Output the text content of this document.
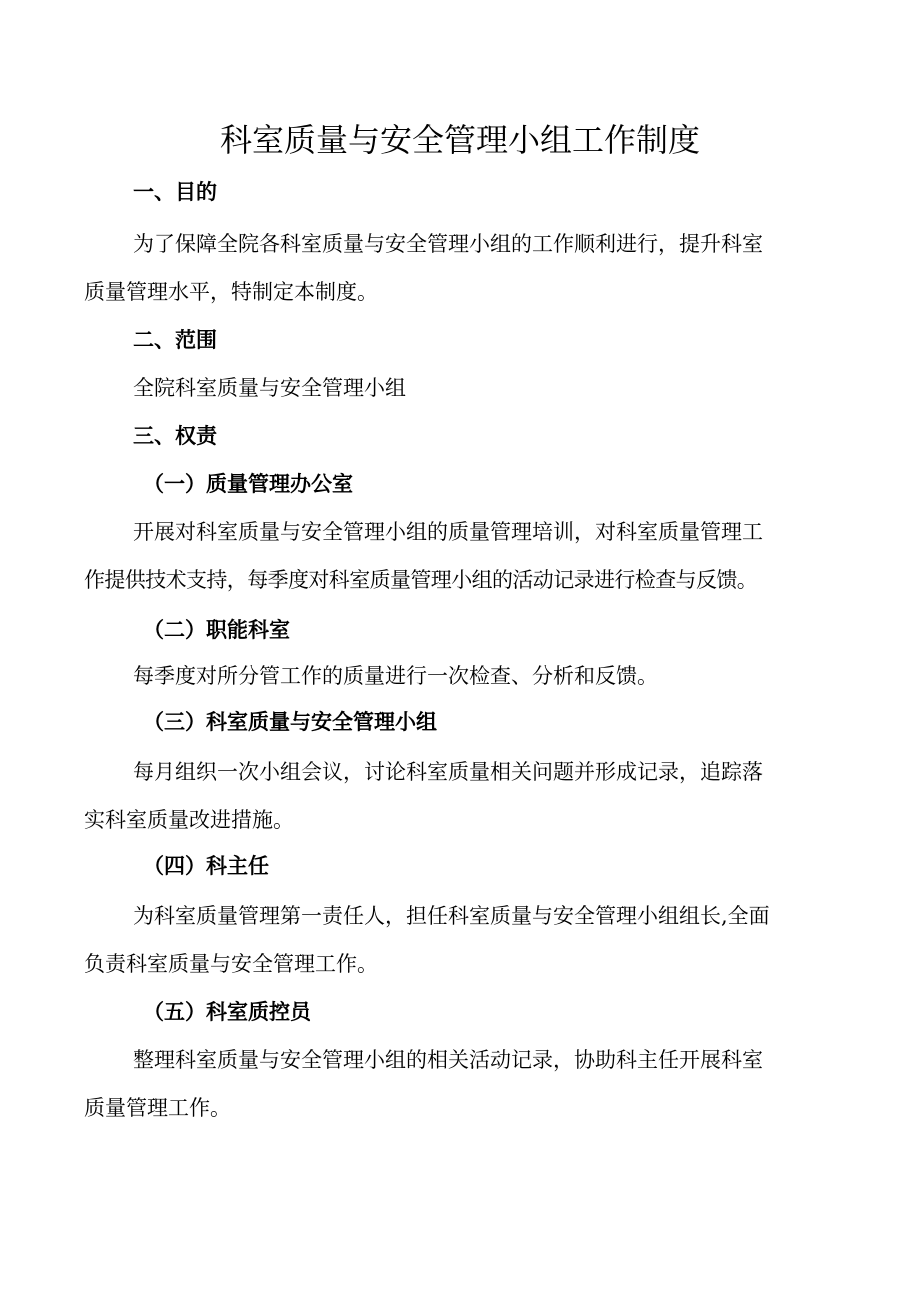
科室质量与安全管理小组工作制度
一、目的
为了保障全院各科室质量与安全管理小组的工作顺利进行，提升科室
质量管理水平，特制定本制度。
二、范围
全院科室质量与安全管理小组
三、权责
（一）质量管理办公室
开展对科室质量与安全管理小组的质量管理培训，对科室质量管理工
作提供技术支持，每季度对科室质量管理小组的活动记录进行检查与反馈。
（二）职能科室
每季度对所分管工作的质量进行一次检查、分析和反馈。
（三）科室质量与安全管理小组
每月组织一次小组会议，讨论科室质量相关问题并形成记录，追踪落
实科室质量改进措施。
（四）科主任
为科室质量管理第一责任人，担任科室质量与安全管理小组组长,全面
负责科室质量与安全管理工作。
（五）科室质控员
整理科室质量与安全管理小组的相关活动记录，协助科主任开展科室
质量管理工作。
